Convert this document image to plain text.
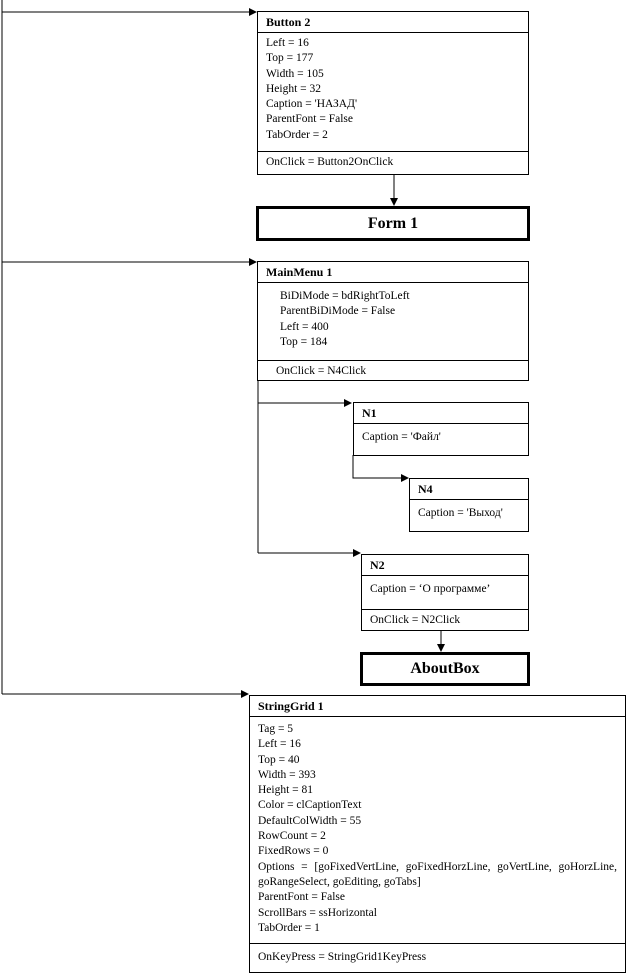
Button 2
Left = 16
Top = 177
Width = 105
Height = 32
Caption = 'НАЗАД'
ParentFont = False
TabOrder = 2
OnClick = Button2OnClick
Form 1
MainMenu 1
BiDiMode = bdRightToLeft
ParentBiDiMode = False
Left = 400
Top = 184
OnClick = N4Click
N1
Caption = 'Файл'
N4
Caption = 'Выход'
N2
Caption = ‘О программе’
OnClick = N2Click
AboutBox
StringGrid 1
Tag = 5
Left = 16
Top = 40
Width = 393
Height = 81
Color = clCaptionText
DefaultColWidth = 55
RowCount = 2
FixedRows = 0
Options = [goFixedVertLine, goFixedHorzLine, goVertLine, goHorzLine, goRangeSelect, goEditing, goTabs]
ParentFont = False
ScrollBars = ssHorizontal
TabOrder = 1
OnKeyPress = StringGrid1KeyPress
